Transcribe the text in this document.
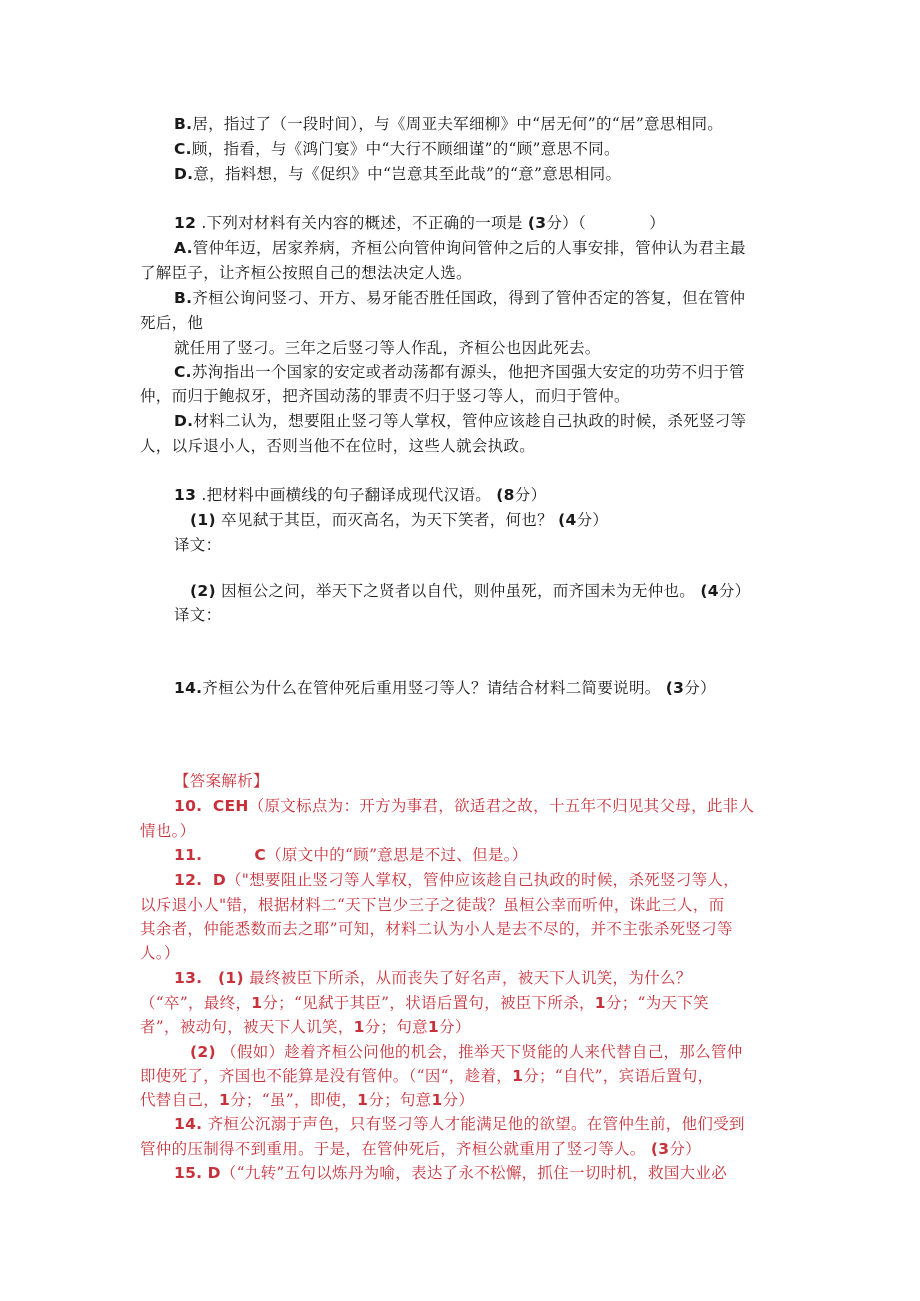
B.居，指过了（一段时间），与《周亚夫军细柳》中“居无何”的“居”意思相同。
C.顾，指看，与《鸿门宴》中“大行不顾细谨”的“顾”意思不同。
D.意，指料想，与《促织》中“岂意其至此哉”的“意”意思相同。
12 .下列对材料有关内容的概述，不正确的一项是 (3分）（　　　　）
A.管仲年迈，居家养病，齐桓公向管仲询问管仲之后的人事安排，管仲认为君主最
了解臣子，让齐桓公按照自己的想法决定人选。
B.齐桓公询问竖刁、开方、易牙能否胜任国政，得到了管仲否定的答复，但在管仲
死后，他
就任用了竖刁。三年之后竖刁等人作乱，齐桓公也因此死去。
C.苏洵指出一个国家的安定或者动荡都有源头，他把齐国强大安定的功劳不归于管
仲，而归于鲍叔牙，把齐国动荡的罪责不归于竖刁等人，而归于管仲。
D.材料二认为，想要阻止竖刁等人掌权，管仲应该趁自己执政的时候，杀死竖刁等
人，以斥退小人，否则当他不在位时，这些人就会执政。
13 .把材料中画横线的句子翻译成现代汉语。 (8分）
(1) 卒见弑于其臣，而灭高名，为天下笑者，何也？ (4分）
译文：
(2) 因桓公之问，举天下之贤者以自代，则仲虽死，而齐国未为无仲也。 (4分）
译文：
14.齐桓公为什么在管仲死后重用竖刁等人？请结合材料二简要说明。 (3分）
【答案解析】
10. CEH（原文标点为：开方为事君，欲适君之故，十五年不归见其父母，此非人
情也。）
11.	C（原文中的“顾”意思是不过、但是。）
12. D（"想要阻止竖刁等人掌权，管仲应该趁自己执政的时候，杀死竖刁等人，
以斥退小人"错，根据材料二“天下岂少三子之徒哉？虽桓公幸而听仲，诛此三人，而
其余者，仲能悉数而去之耶”可知，材料二认为小人是去不尽的，并不主张杀死竖刁等
人。）
13. (1) 最终被臣下所杀，从而丧失了好名声，被天下人讥笑，为什么？
（“卒”，最终，1分；“见弑于其臣”，状语后置句，被臣下所杀，1分；“为天下笑
者”，被动句，被天下人讥笑，1分；句意1分）
(2) （假如）趁着齐桓公问他的机会，推举天下贤能的人来代替自己，那么管仲
即使死了，齐国也不能算是没有管仲。（“因“，趁着，1分；“自代”，宾语后置句，
代替自己，1分；“虽”，即使，1分；句意1分）
14. 齐桓公沉溺于声色，只有竖刁等人才能满足他的欲望。在管仲生前，他们受到
管仲的压制得不到重用。于是，在管仲死后，齐桓公就重用了竖刁等人。 (3分）
15. D（“九转”五句以炼丹为喻，表达了永不松懈，抓住一切时机，救国大业必
